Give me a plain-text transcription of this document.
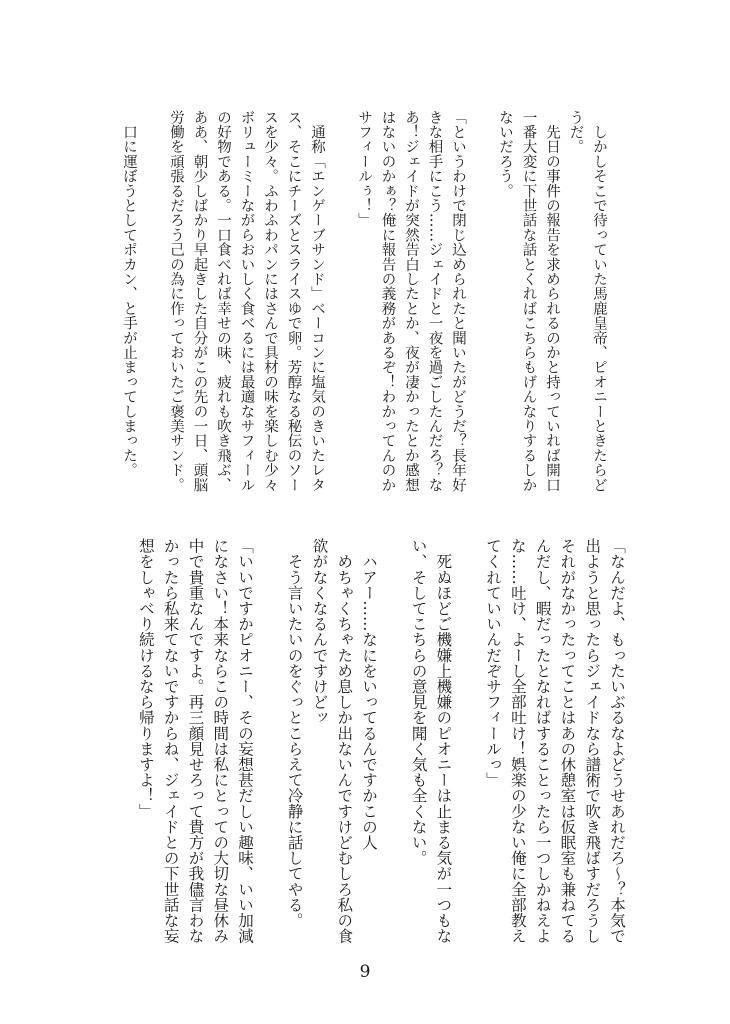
　しかしそこで待っていた馬鹿皇帝、ピオニーときたらど
うだ。
　先日の事件の報告を求められるのかと持っていれば開口
一番大変に下世話な話とくればこちらもげんなりするしか
ないだろう。
「というわけで閉じ込められたと聞いたがどうだ？長年好
きな相手にこう……ジェイドと一夜を過ごしたんだろ？な
あ！ジェイドが突然告白したとか、夜が凄かったとか感想
はないのかぁ？俺に報告の義務があるぞ！わかってんのか
サフィールぅ！」
　通称「エンゲーブサンド」ベーコンに塩気のきいたレタ
ス、そこにチーズとスライスゆで卵。芳醇なる秘伝のソー
スを少々。ふわふわパンにはさんで具材の味を楽しむ少々
ボリューミーながらおいしく食べるには最適なサフィール
の好物である。一口食べれば幸せの味、疲れも吹き飛ぶ、
ああ、朝少しばかり早起きした自分がこの先の一日、頭脳
労働を頑張るだろう己の為に作っておいたご褒美サンド。
　口に運ぼうとしてポカン、と手が止まってしまった。
「なんだよ、もったいぶるなよどうせあれだろ〜？本気で
出ようと思ったらジェイドなら譜術で吹き飛ばすだろうし
それがなかったってことはあの休憩室は仮眠室も兼ねてる
んだし、暇だったとなればすることったら一つしかねえよ
な……吐け、よーし全部吐け！娯楽の少ない俺に全部教え
てくれていいんだぞサフィールっ」
　死ぬほどご機嫌上機嫌のピオニーは止まる気が一つもな
い、そしてこちらの意見を聞く気も全くない。
　ハアー……なにをいってるんですかこの人
　めちゃくちゃため息しか出ないんですけどむしろ私の食
欲がなくなるんですけどッ
　そう言いたいのをぐっとこらえて冷静に話してやる。
「いいですかピオニー、その妄想甚だしい趣味、いい加減
になさい！本来ならこの時間は私にとっての大切な昼休み
中で貴重なんですよ。再三顔見せろって貴方が我儘言わな
かったら私来てないですからね、ジェイドとの下世話な妄
想をしゃべり続けるなら帰りますよ！」
9
